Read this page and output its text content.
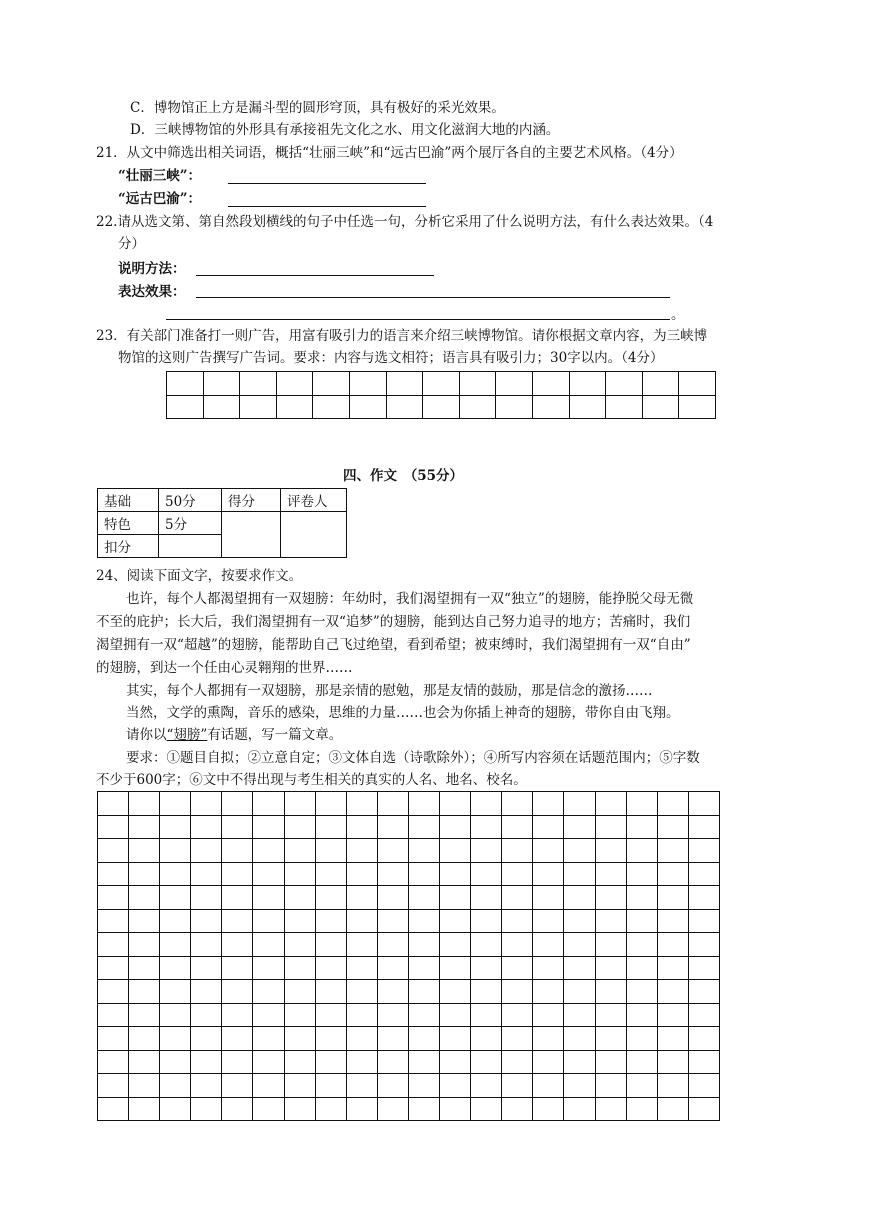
C．博物馆正上方是漏斗型的圆形穹顶，具有极好的采光效果。
D．三峡博物馆的外形具有承接祖先文化之水、用文化滋润大地的内涵。
21．从文中筛选出相关词语，概括“壮丽三峡”和“远古巴渝”两个展厅各自的主要艺术风格。（4分）
“壮丽三峡”：
“远古巴渝”：
22.请从选文第、第自然段划横线的句子中任选一句，分析它采用了什么说明方法，有什么表达效果。（4
分）
说明方法：
表达效果：
。
23．有关部门准备打一则广告，用富有吸引力的语言来介绍三峡博物馆。请你根据文章内容，为三峡博
物馆的这则广告撰写广告词。要求：内容与选文相符；语言具有吸引力；30字以内。（4分）

四、作文　（55分）
基础	50分	得分	评卷人
特色	5分		
扣分			
24、阅读下面文字，按要求作文。
也许，每个人都渴望拥有一双翅膀：年幼时，我们渴望拥有一双“独立”的翅膀，能挣脱父母无微
不至的庇护；长大后，我们渴望拥有一双“追梦”的翅膀，能到达自己努力追寻的地方；苦痛时，我们
渴望拥有一双“超越”的翅膀，能帮助自己飞过绝望，看到希望；被束缚时，我们渴望拥有一双“自由”
的翅膀，到达一个任由心灵翱翔的世界……
其实，每个人都拥有一双翅膀，那是亲情的慰勉，那是友情的鼓励，那是信念的激扬……
当然，文学的熏陶，音乐的感染，思维的力量……也会为你插上神奇的翅膀，带你自由飞翔。
请你以“翅膀”有话题，写一篇文章。
要求：①题目自拟；②立意自定；③文体自选（诗歌除外）；④所写内容须在话题范围内；⑤字数
不少于600字；⑥文中不得出现与考生相关的真实的人名、地名、校名。
